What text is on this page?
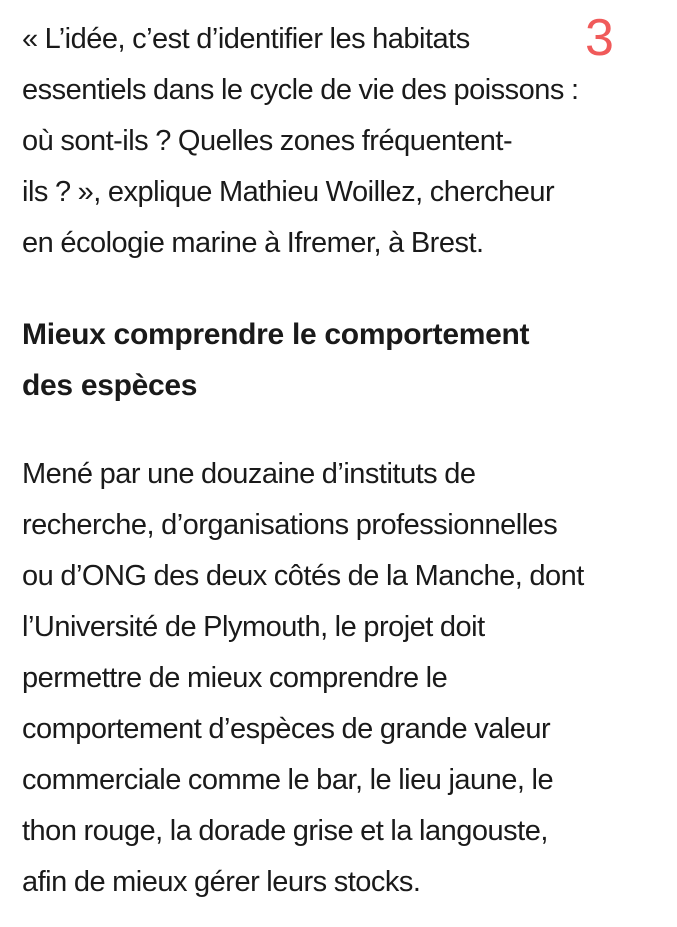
3

« L’idée, c’est d’identifier les habitats
essentiels dans le cycle de vie des poissons :
où sont-ils ? Quelles zones fréquentent-
ils ? », explique Mathieu Woillez, chercheur
en écologie marine à Ifremer, à Brest.

Mieux comprendre le comportement
des espèces

Mené par une douzaine d’instituts de
recherche, d’organisations professionnelles
ou d’ONG des deux côtés de la Manche, dont
l’Université de Plymouth, le projet doit
permettre de mieux comprendre le
comportement d’espèces de grande valeur
commerciale comme le bar, le lieu jaune, le
thon rouge, la dorade grise et la langouste,
afin de mieux gérer leurs stocks.
